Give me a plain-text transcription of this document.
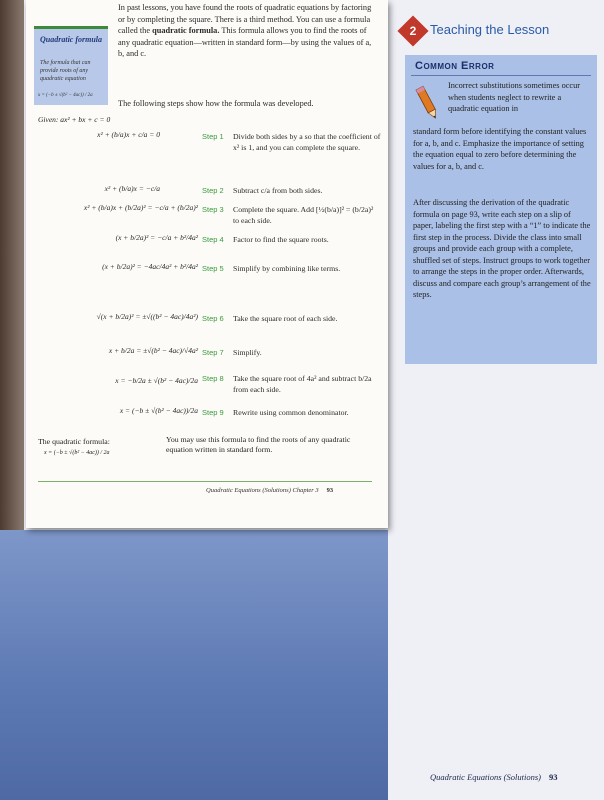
Quadratic formula
The formula that can provide roots of any quadratic equation
x = (−b ± √(b² − 4ac)) / 2a
In past lessons, you have found the roots of quadratic equations by factoring or by completing the square. There is a third method. You can use a formula called the quadratic formula. This formula allows you to find the roots of any quadratic equation—written in standard form—by using the values of a, b, and c.
The following steps show how the formula was developed.
Given: ax² + bx + c = 0
x² + (b/a)x + c/a = 0	Step 1 Divide both sides by a so that the coefficient of x² is 1, and you can complete the square.
x² + (b/a)x = −c/a	Step 2 Subtract c/a from both sides.
x² + (b/a)x + (b/2a)² = −c/a + (b/2a)² Step 3 Complete the square. Add [½(b/a)]² = (b/2a)² to each side.
(x + b/2a)² = −c/a + b²/4a² Step 4 Factor to find the square roots.
(x + b/2a)² = −4ac/4a² + b²/4a² Step 5 Simplify by combining like terms.
√(x + b/2a)² = ±√((b² − 4ac)/4a²) Step 6 Take the square root of each side.
x + b/2a = ±√(b² − 4ac)/√4a² Step 7 Simplify.
x = −b/2a ± √(b² − 4ac)/2a Step 8 Take the square root of 4a² and subtract b/2a from each side.
x = (−b ± √(b² − 4ac))/2a Step 9 Rewrite using common denominator.
The quadratic formula:
x = (−b ± √(b² − 4ac)) / 2a
You may use this formula to find the roots of any quadratic equation written in standard form.
Quadratic Equations (Solutions) Chapter 3 93
2	Teaching the Lesson
Common Error
Incorrect substitutions sometimes occur when students neglect to rewrite a quadratic equation in
standard form before identifying the constant values for a, b, and c. Emphasize the importance of setting the equation equal to zero before determining the values for a, b, and c.
After discussing the derivation of the quadratic formula on page 93, write each step on a slip of paper, labeling the first step with a “1” to indicate the first step in the process. Divide the class into small groups and provide each group with a complete, shuffled set of steps. Instruct groups to work together to arrange the steps in the proper order. Afterwards, discuss and compare each group’s arrangement of the steps.
Quadratic Equations (Solutions) 93
